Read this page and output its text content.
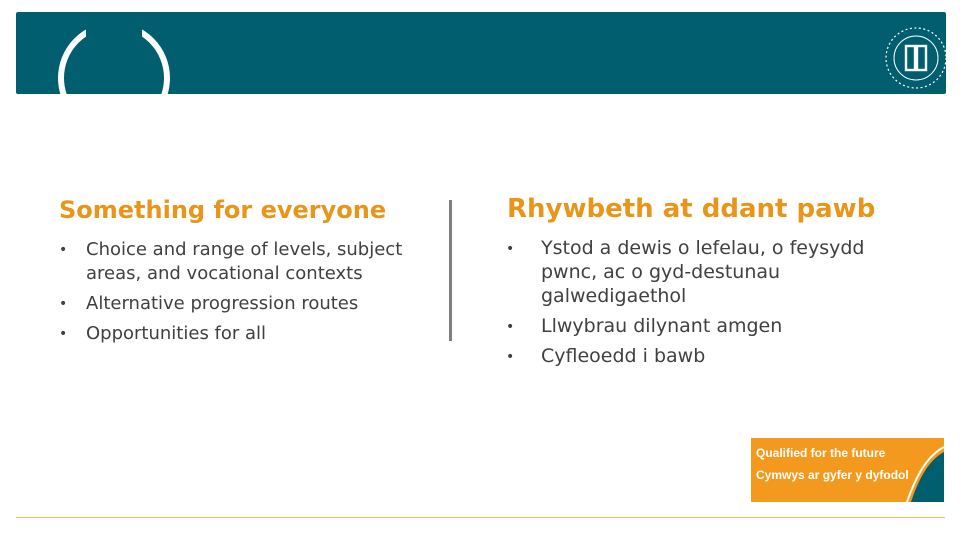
Something for everyone
• Choice and range of levels, subject areas, and vocational contexts
• Alternative progression routes
• Opportunities for all
Rhywbeth at ddant pawb
• Ystod a dewis o lefelau, o feysydd pwnc, ac o gyd-destunau galwedigaethol
• Llwybrau dilynant amgen
• Cyfleoedd i bawb
Qualified for the future
Cymwys ar gyfer y dyfodol
